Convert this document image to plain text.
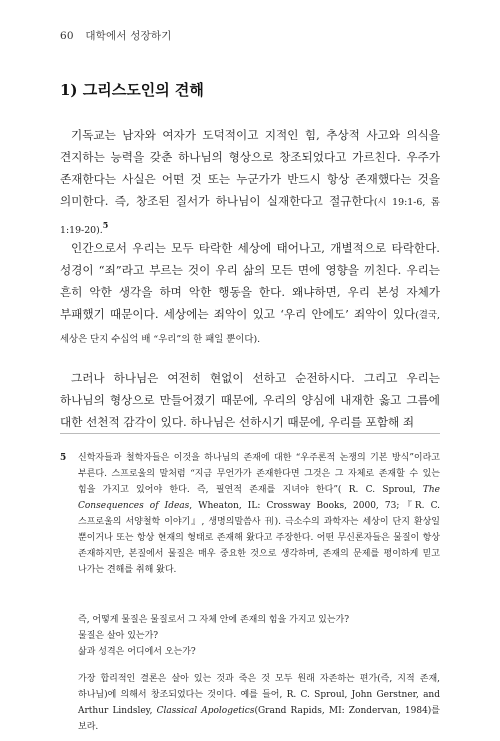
60 대학에서 성장하기
1) 그리스도인의 견해
기독교는 남자와 여자가 도덕적이고 지적인 힘, 추상적 사고와 의식을 견지하는 능력을 갖춘 하나님의 형상으로 창조되었다고 가르친다. 우주가 존재한다는 사실은 어떤 것 또는 누군가가 반드시 항상 존재했다는 것을 의미한다. 즉, 창조된 질서가 하나님이 실재한다고 절규한다(시 19:1-6, 롬 1:19-20).$^5$
인간으로서 우리는 모두 타락한 세상에 태어나고, 개별적으로 타락한다. 성경이 “죄”라고 부르는 것이 우리 삶의 모든 면에 영향을 끼친다. 우리는 흔히 악한 생각을 하며 악한 행동을 한다. 왜냐하면, 우리 본성 자체가 부패했기 때문이다. 세상에는 죄악이 있고 ‘우리 안에도’ 죄악이 있다(결국, 세상은 단지 수십억 배 “우리”의 한 패일 뿐이다).
그러나 하나님은 여전히 현없이 선하고 순전하시다. 그리고 우리는 하나님의 형상으로 만들어졌기 때문에, 우리의 양심에 내재한 옳고 그름에 대한 선천적 감각이 있다. 하나님은 선하시기 때문에, 우리를 포함해 죄
5 신학자들과 철학자들은 이것을 하나님의 존재에 대한 “우주론적 논쟁의 기본 방식”이라고 부른다. 스프로울의 말처럼 “지금 무언가가 존재한다면 그것은 그 자체로 존재할 수 있는 힘을 가지고 있어야 한다. 즉, 필연적 존재를 지녀야 한다”( R. C. Sproul, The Consequences of Ideas, Wheaton, IL: Crossway Books, 2000, 73;『R. C. 스프로울의 서양철학 이야기』, 생명의말씀사 刊). 극소수의 과학자는 세상이 단지 환상일 뿐이거나 또는 항상 현재의 형태로 존재해 왔다고 주장한다. 어떤 무신론자들은 물질이 항상 존재하지만, 본질에서 물질은 매우 중요한 것으로 생각하며, 존재의 문제를 평이하게 믿고 나가는 견해를 취해 왔다.
즉, 어떻게 물질은 물질로서 그 자체 안에 존재의 힘을 가지고 있는가?
물질은 살아 있는가?
삶과 성격은 어디에서 오는가?
가장 합리적인 결론은 살아 있는 것과 죽은 것 모두 원래 자존하는 편가(즉, 지적 존재, 하나님)에 의해서 창조되었다는 것이다. 예를 들어, R. C. Sproul, John Gerstner, and Arthur Lindsley, Classical Apologetics(Grand Rapids, MI: Zondervan, 1984)를 보라.
